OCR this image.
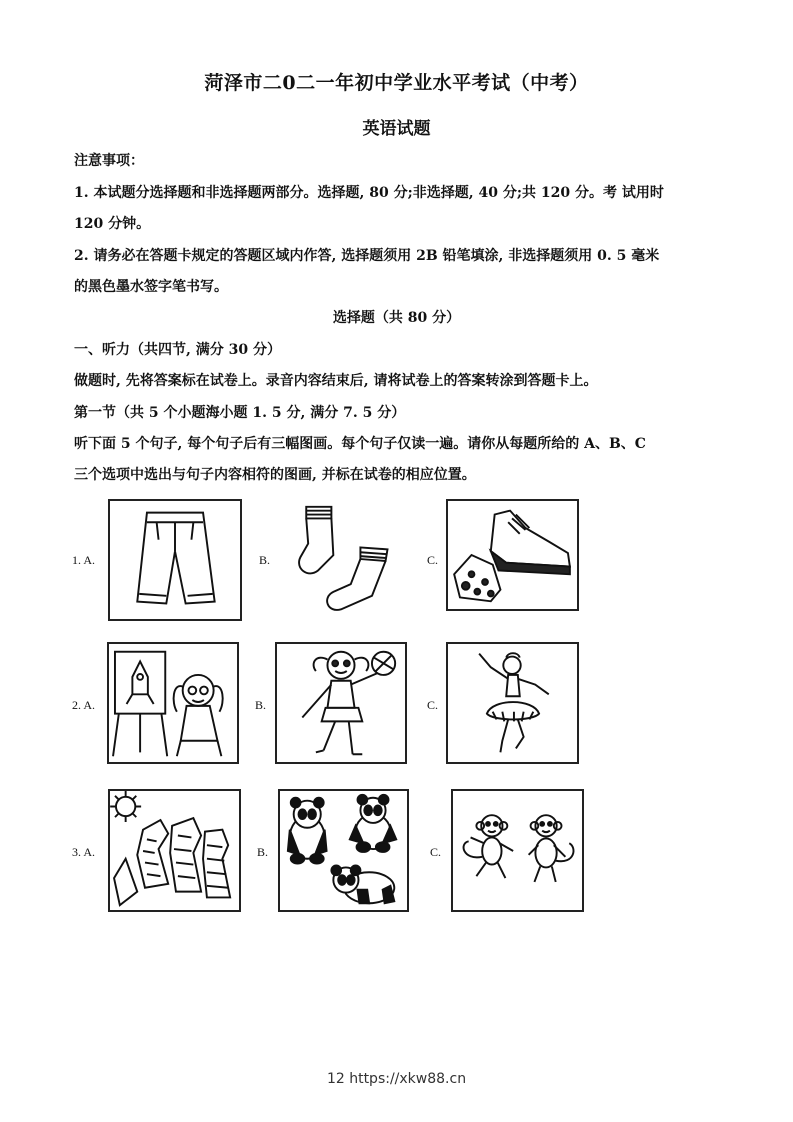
菏泽市二0二一年初中学业水平考试（中考）
英语试题
注意事项：
1. 本试题分选择题和非选择题两部分。选择题, 80 分;非选择题, 40 分;共 120 分。考 试用时
120 分钟。
2. 请务必在答题卡规定的答题区域内作答, 选择题须用 2B 铅笔填涂, 非选择题须用 0. 5 毫米
的黑色墨水签字笔书写。
选择题（共 80 分）
一、听力（共四节, 满分 30 分）
做题时, 先将答案标在试卷上。录音内容结束后, 请将试卷上的答案转涂到答题卡上。
第一节（共 5 个小题海小题 1. 5 分, 满分 7. 5 分）
听下面 5 个句子, 每个句子后有三幅图画。每个句子仅读一遍。请你从每题所给的 A、B、C
三个选项中选出与句子内容相符的图画, 并标在试卷的相应位置。
1. A.	B.	C.
2. A.	B.	C.
3. A.	B.	C.
12 https://xkw88.cn
